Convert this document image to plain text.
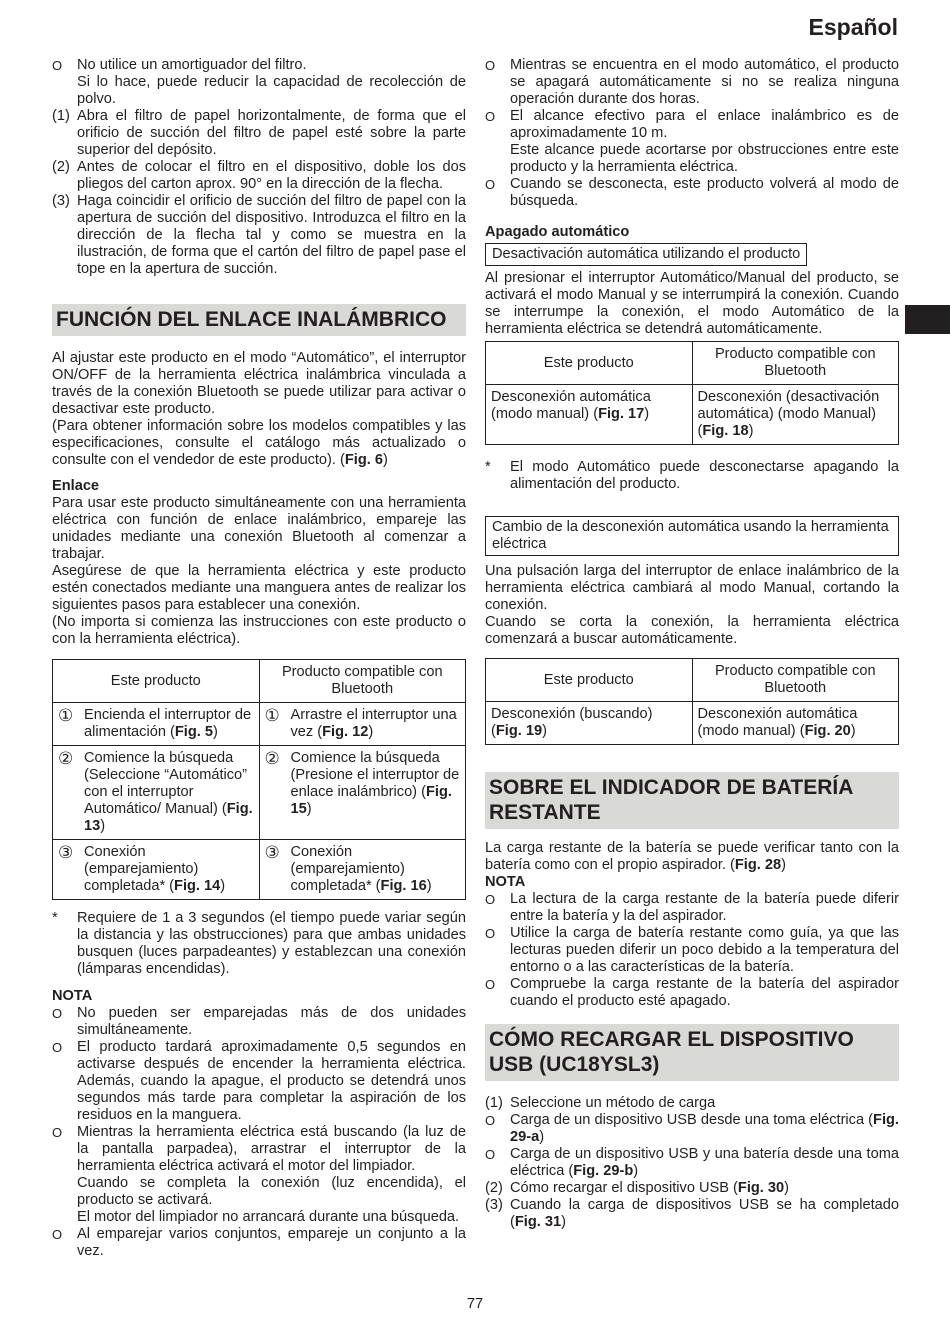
Español
O	No utilice un amortiguador del filtro.
Si lo hace, puede reducir la capacidad de recolección de polvo.
(1) Abra el filtro de papel horizontalmente, de forma que el orificio de succión del filtro de papel esté sobre la parte superior del depósito.
(2) Antes de colocar el filtro en el dispositivo, doble los dos pliegos del carton aprox. 90° en la dirección de la flecha.
(3) Haga coincidir el orificio de succión del filtro de papel con la apertura de succión del dispositivo. Introduzca el filtro en la dirección de la flecha tal y como se muestra en la ilustración, de forma que el cartón del filtro de papel pase el tope en la apertura de succión.
FUNCIÓN DEL ENLACE INALÁMBRICO

Al ajustar este producto en el modo “Automático”, el interruptor ON/OFF de la herramienta eléctrica inalámbrica vinculada a través de la conexión Bluetooth se puede utilizar para activar o desactivar este producto.

(Para obtener información sobre los modelos compatibles y las especificaciones, consulte el catálogo más actualizado o consulte con el vendedor de este producto). (Fig. 6)

Enlace

Para usar este producto simultáneamente con una herramienta eléctrica con función de enlace inalámbrico, empareje las unidades mediante una conexión Bluetooth al comenzar a trabajar.

Asegúrese de que la herramienta eléctrica y este producto estén conectados mediante una manguera antes de realizar los siguientes pasos para establecer una conexión.

(No importa si comienza las instrucciones con este producto o con la herramienta eléctrica).

Este producto	Producto compatible con Bluetooth

① Encienda el interruptor de alimentación (Fig. 5)	① Arrastre el interruptor una vez (Fig. 12)

② Comience la búsqueda (Seleccione “Automático” con el interruptor Automático/ Manual) (Fig. 13)	② Comience la búsqueda (Presione el interruptor de enlace inalámbrico) (Fig. 15)

③ Conexión (emparejamiento) completada* (Fig. 14)	③ Conexión (emparejamiento) completada* (Fig. 16)
*	Requiere de 1 a 3 segundos (el tiempo puede variar según la distancia y las obstrucciones) para que ambas unidades busquen (luces parpadeantes) y establezcan una conexión (lámparas encendidas).
NOTA
O	No pueden ser emparejadas más de dos unidades simultáneamente.
O	El producto tardará aproximadamente 0,5 segundos en activarse después de encender la herramienta eléctrica. Además, cuando la apague, el producto se detendrá unos segundos más tarde para completar la aspiración de los residuos en la manguera.
O	Mientras la herramienta eléctrica está buscando (la luz de la pantalla parpadea), arrastrar el interruptor de la herramienta eléctrica activará el motor del limpiador.
Cuando se completa la conexión (luz encendida), el producto se activará.
El motor del limpiador no arrancará durante una búsqueda.
O	Al emparejar varios conjuntos, empareje un conjunto a la vez.
O	Mientras se encuentra en el modo automático, el producto se apagará automáticamente si no se realiza ninguna operación durante dos horas.
O	El alcance efectivo para el enlace inalámbrico es de aproximadamente 10 m.
Este alcance puede acortarse por obstrucciones entre este producto y la herramienta eléctrica.
O	Cuando se desconecta, este producto volverá al modo de búsqueda.
Apagado automático
Desactivación automática utilizando el producto

Al presionar el interruptor Automático/Manual del producto, se activará el modo Manual y se interrumpirá la conexión. Cuando se interrumpe la conexión, el modo Automático de la herramienta eléctrica se detendrá automáticamente.

Este producto	Producto compatible con Bluetooth
Desconexión automática (modo manual) (Fig. 17)	Desconexión (desactivación automática) (modo Manual) (Fig. 18)
*	El modo Automático puede desconectarse apagando la alimentación del producto.
Cambio de la desconexión automática usando la herramienta eléctrica

Una pulsación larga del interruptor de enlace inalámbrico de la herramienta eléctrica cambiará al modo Manual, cortando la conexión.

Cuando se corta la conexión, la herramienta eléctrica comenzará a buscar automáticamente.

Este producto	Producto compatible con Bluetooth
Desconexión (buscando) (Fig. 19)	Desconexión automática (modo manual) (Fig. 20)
SOBRE EL INDICADOR DE BATERÍA RESTANTE

La carga restante de la batería se puede verificar tanto con la batería como con el propio aspirador. (Fig. 28)

NOTA
O	La lectura de la carga restante de la batería puede diferir entre la batería y la del aspirador.
O	Utilice la carga de batería restante como guía, ya que las lecturas pueden diferir un poco debido a la temperatura del entorno o a las características de la batería.
O	Compruebe la carga restante de la batería del aspirador cuando el producto esté apagado.
CÓMO RECARGAR EL DISPOSITIVO USB (UC18YSL3)
(1) Seleccione un método de carga
O	Carga de un dispositivo USB desde una toma eléctrica (Fig. 29-a)
O	Carga de un dispositivo USB y una batería desde una toma eléctrica (Fig. 29-b)
(2) Cómo recargar el dispositivo USB (Fig. 30)
(3) Cuando la carga de dispositivos USB se ha completado (Fig. 31)
77
